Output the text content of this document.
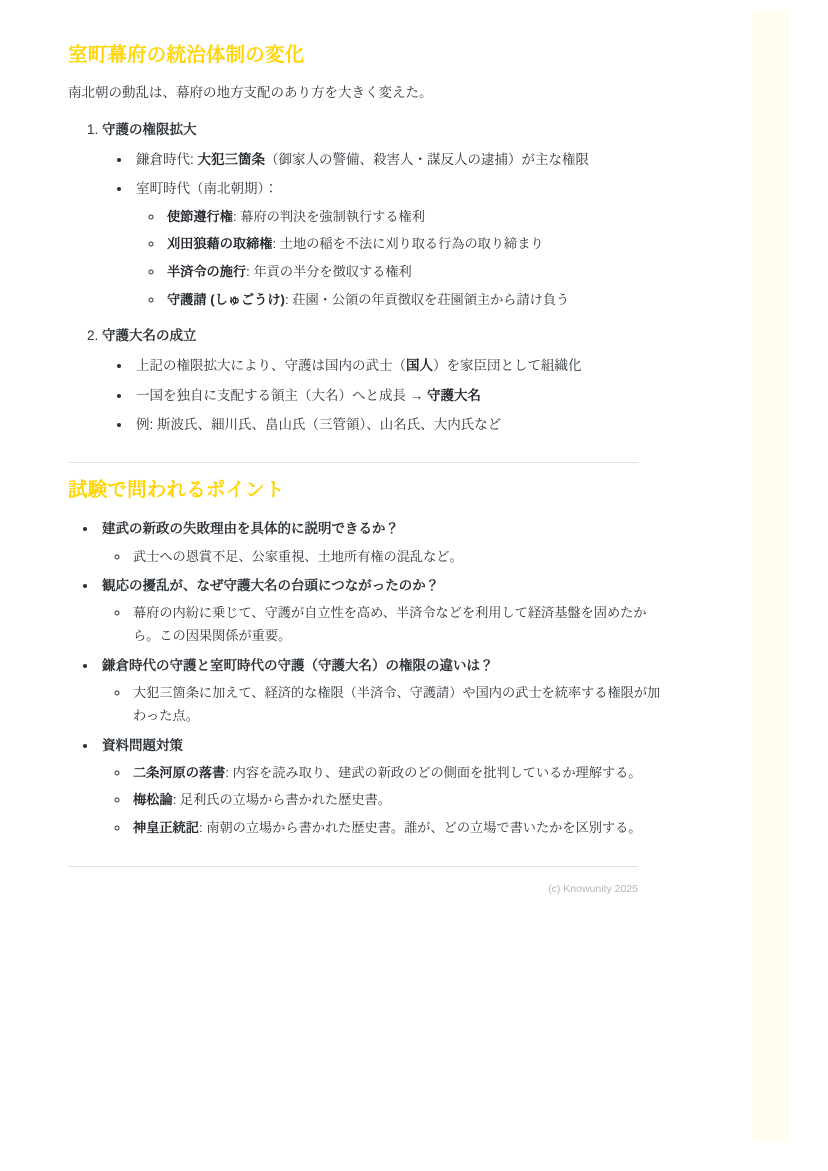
室町幕府の統治体制の変化

南北朝の動乱は、幕府の地方支配のあり方を大きく変えた。

1. 守護の権限拡大
• 鎌倉時代: 大犯三箇条（御家人の警備、殺害人・謀反人の逮捕）が主な権限
• 室町時代（南北朝期）：
◦ 使節遵行権: 幕府の判決を強制執行する権利
◦ 刈田狼藉の取締権: 土地の稲を不法に刈り取る行為の取り締まり
◦ 半済令の施行: 年貢の半分を徴収する権利
◦ 守護請 (しゅごうけ): 荘園・公領の年貢徴収を荘園領主から請け負う
2. 守護大名の成立
• 上記の権限拡大により、守護は国内の武士（国人）を家臣団として組織化
• 一国を独自に支配する領主（大名）へと成長 → 守護大名
• 例: 斯波氏、細川氏、畠山氏（三管領）、山名氏、大内氏など
試験で問われるポイント
• 建武の新政の失敗理由を具体的に説明できるか？
◦ 武士への恩賞不足、公家重視、土地所有権の混乱など。
• 観応の擾乱が、なぜ守護大名の台頭につながったのか？
◦ 幕府の内紛に乗じて、守護が自立性を高め、半済令などを利用して経済基盤を固めたから。この因果関係が重要。
• 鎌倉時代の守護と室町時代の守護（守護大名）の権限の違いは？
◦ 大犯三箇条に加えて、経済的な権限（半済令、守護請）や国内の武士を統率する権限が加わった点。
• 資料問題対策
◦ 二条河原の落書: 内容を読み取り、建武の新政のどの側面を批判しているか理解する。
◦ 梅松論: 足利氏の立場から書かれた歴史書。
◦ 神皇正統記: 南朝の立場から書かれた歴史書。誰が、どの立場で書いたかを区別する。
(c) Knowunity 2025
